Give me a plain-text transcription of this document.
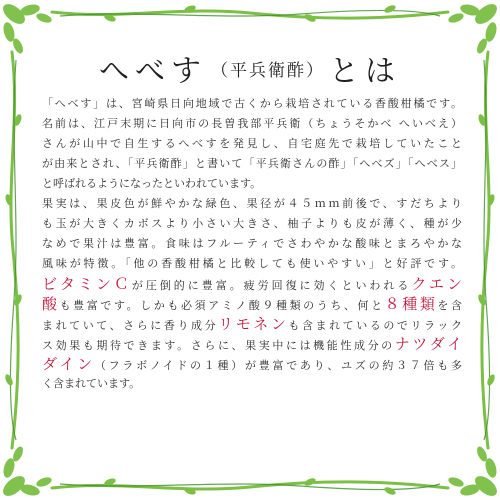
へべす （平兵衛酢） とは
「へべす」は、宮崎県日向地域で古くから栽培されている香酸柑橘です。
名前は、江戸末期に日向市の長曽我部平兵衛（ちょうそかべ へいべえ）
さんが山中で自生するへべすを発見し、自宅庭先で栽培していたこと
が由来とされ、「平兵衛酢」と書いて「平兵衛さんの酢」「へべズ」「へべス」
と呼ばれるようになったといわれています。
果実は、果皮色が鮮やかな緑色、果径が４５ｍｍ前後で、すだちより
も玉が大きくカボスより小さい大きさ、柚子よりも皮が薄く、種が少
なめで果汁は豊富。食味はフルーティでさわやかな酸味とまろやかな
風味が特徴。「他の香酸柑橘と比較しても使いやすい」と好評です。
ビタミンＣが圧倒的に豊富。疲労回復に効くといわれるクエン
酸も豊富です。しかも必須アミノ酸９種類のうち、何と８種類を含
まれていて、さらに香り成分リモネンも含まれているのでリラック
ス効果も期待できます。さらに、果実中には機能性成分のナツダイ
ダイン（フラボノイドの１種）が豊富であり、ユズの約３７倍も多
く含まれています。
